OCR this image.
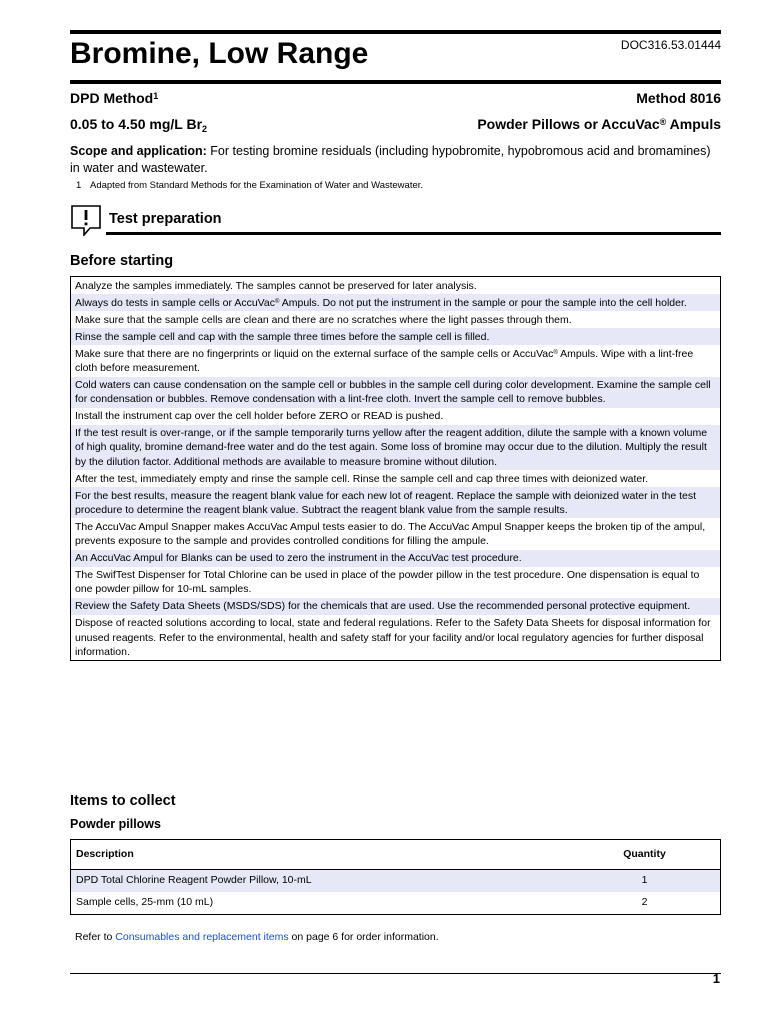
Bromine, Low Range	DOC316.53.01444
DPD Method$^1$	Method 8016
0.05 to 4.50 mg/L $Br_2$	Powder Pillows or AccuVac® Ampuls
Scope and application: For testing bromine residuals (including hypobromite, hypobromous acid and bromamines) in water and wastewater.
1 Adapted from Standard Methods for the Examination of Water and Wastewater.
Test preparation
Before starting
Analyze the samples immediately. The samples cannot be preserved for later analysis.
Always do tests in sample cells or AccuVac® Ampuls. Do not put the instrument in the sample or pour the sample into the cell holder.
Make sure that the sample cells are clean and there are no scratches where the light passes through them.
Rinse the sample cell and cap with the sample three times before the sample cell is filled.
Make sure that there are no fingerprints or liquid on the external surface of the sample cells or AccuVac® Ampuls. Wipe with a lint-free cloth before measurement.
Cold waters can cause condensation on the sample cell or bubbles in the sample cell during color development. Examine the sample cell for condensation or bubbles. Remove condensation with a lint-free cloth. Invert the sample cell to remove bubbles.
Install the instrument cap over the cell holder before ZERO or READ is pushed.
If the test result is over-range, or if the sample temporarily turns yellow after the reagent addition, dilute the sample with a known volume of high quality, bromine demand-free water and do the test again. Some loss of bromine may occur due to the dilution. Multiply the result by the dilution factor. Additional methods are available to measure bromine without dilution.
After the test, immediately empty and rinse the sample cell. Rinse the sample cell and cap three times with deionized water.
For the best results, measure the reagent blank value for each new lot of reagent. Replace the sample with deionized water in the test procedure to determine the reagent blank value. Subtract the reagent blank value from the sample results.
The AccuVac Ampul Snapper makes AccuVac Ampul tests easier to do. The AccuVac Ampul Snapper keeps the broken tip of the ampul, prevents exposure to the sample and provides controlled conditions for filling the ampule.
An AccuVac Ampul for Blanks can be used to zero the instrument in the AccuVac test procedure.
The SwifTest Dispenser for Total Chlorine can be used in place of the powder pillow in the test procedure. One dispensation is equal to one powder pillow for 10-mL samples.
Review the Safety Data Sheets (MSDS/SDS) for the chemicals that are used. Use the recommended personal protective equipment.
Dispose of reacted solutions according to local, state and federal regulations. Refer to the Safety Data Sheets for disposal information for unused reagents. Refer to the environmental, health and safety staff for your facility and/or local regulatory agencies for further disposal information.
Items to collect
Powder pillows
Description	Quantity
DPD Total Chlorine Reagent Powder Pillow, 10-mL	1
Sample cells, 25-mm (10 mL)	2
Refer to Consumables and replacement items on page 6 for order information.
1
